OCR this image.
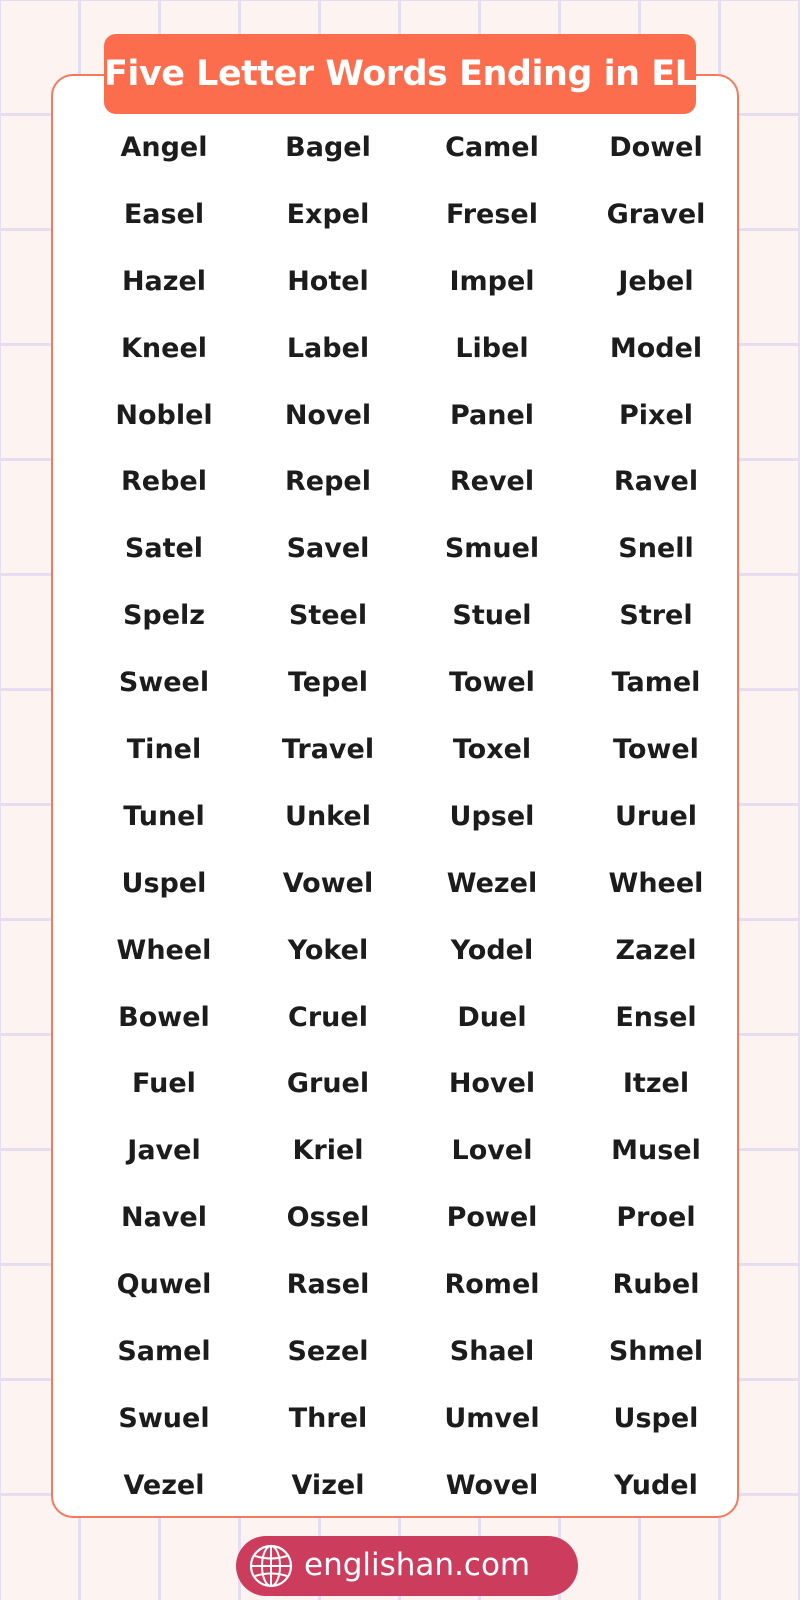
Five Letter Words Ending in EL
Angel	Bagel	Camel	Dowel
Easel	Expel	Fresel	Gravel
Hazel	Hotel	Impel	Jebel
Kneel	Label	Libel	Model
Noblel	Novel	Panel	Pixel
Rebel	Repel	Revel	Ravel
Satel	Savel	Smuel	Snell
Spelz	Steel	Stuel	Strel
Sweel	Tepel	Towel	Tamel
Tinel	Travel	Toxel	Towel
Tunel	Unkel	Upsel	Uruel
Uspel	Vowel	Wezel	Wheel
Wheel	Yokel	Yodel	Zazel
Bowel	Cruel	Duel	Ensel
Fuel	Gruel	Hovel	Itzel
Javel	Kriel	Lovel	Musel
Navel	Ossel	Powel	Proel
Quwel	Rasel	Romel	Rubel
Samel	Sezel	Shael	Shmel
Swuel	Threl	Umvel	Uspel
Vezel	Vizel	Wovel	Yudel
englishan.com
